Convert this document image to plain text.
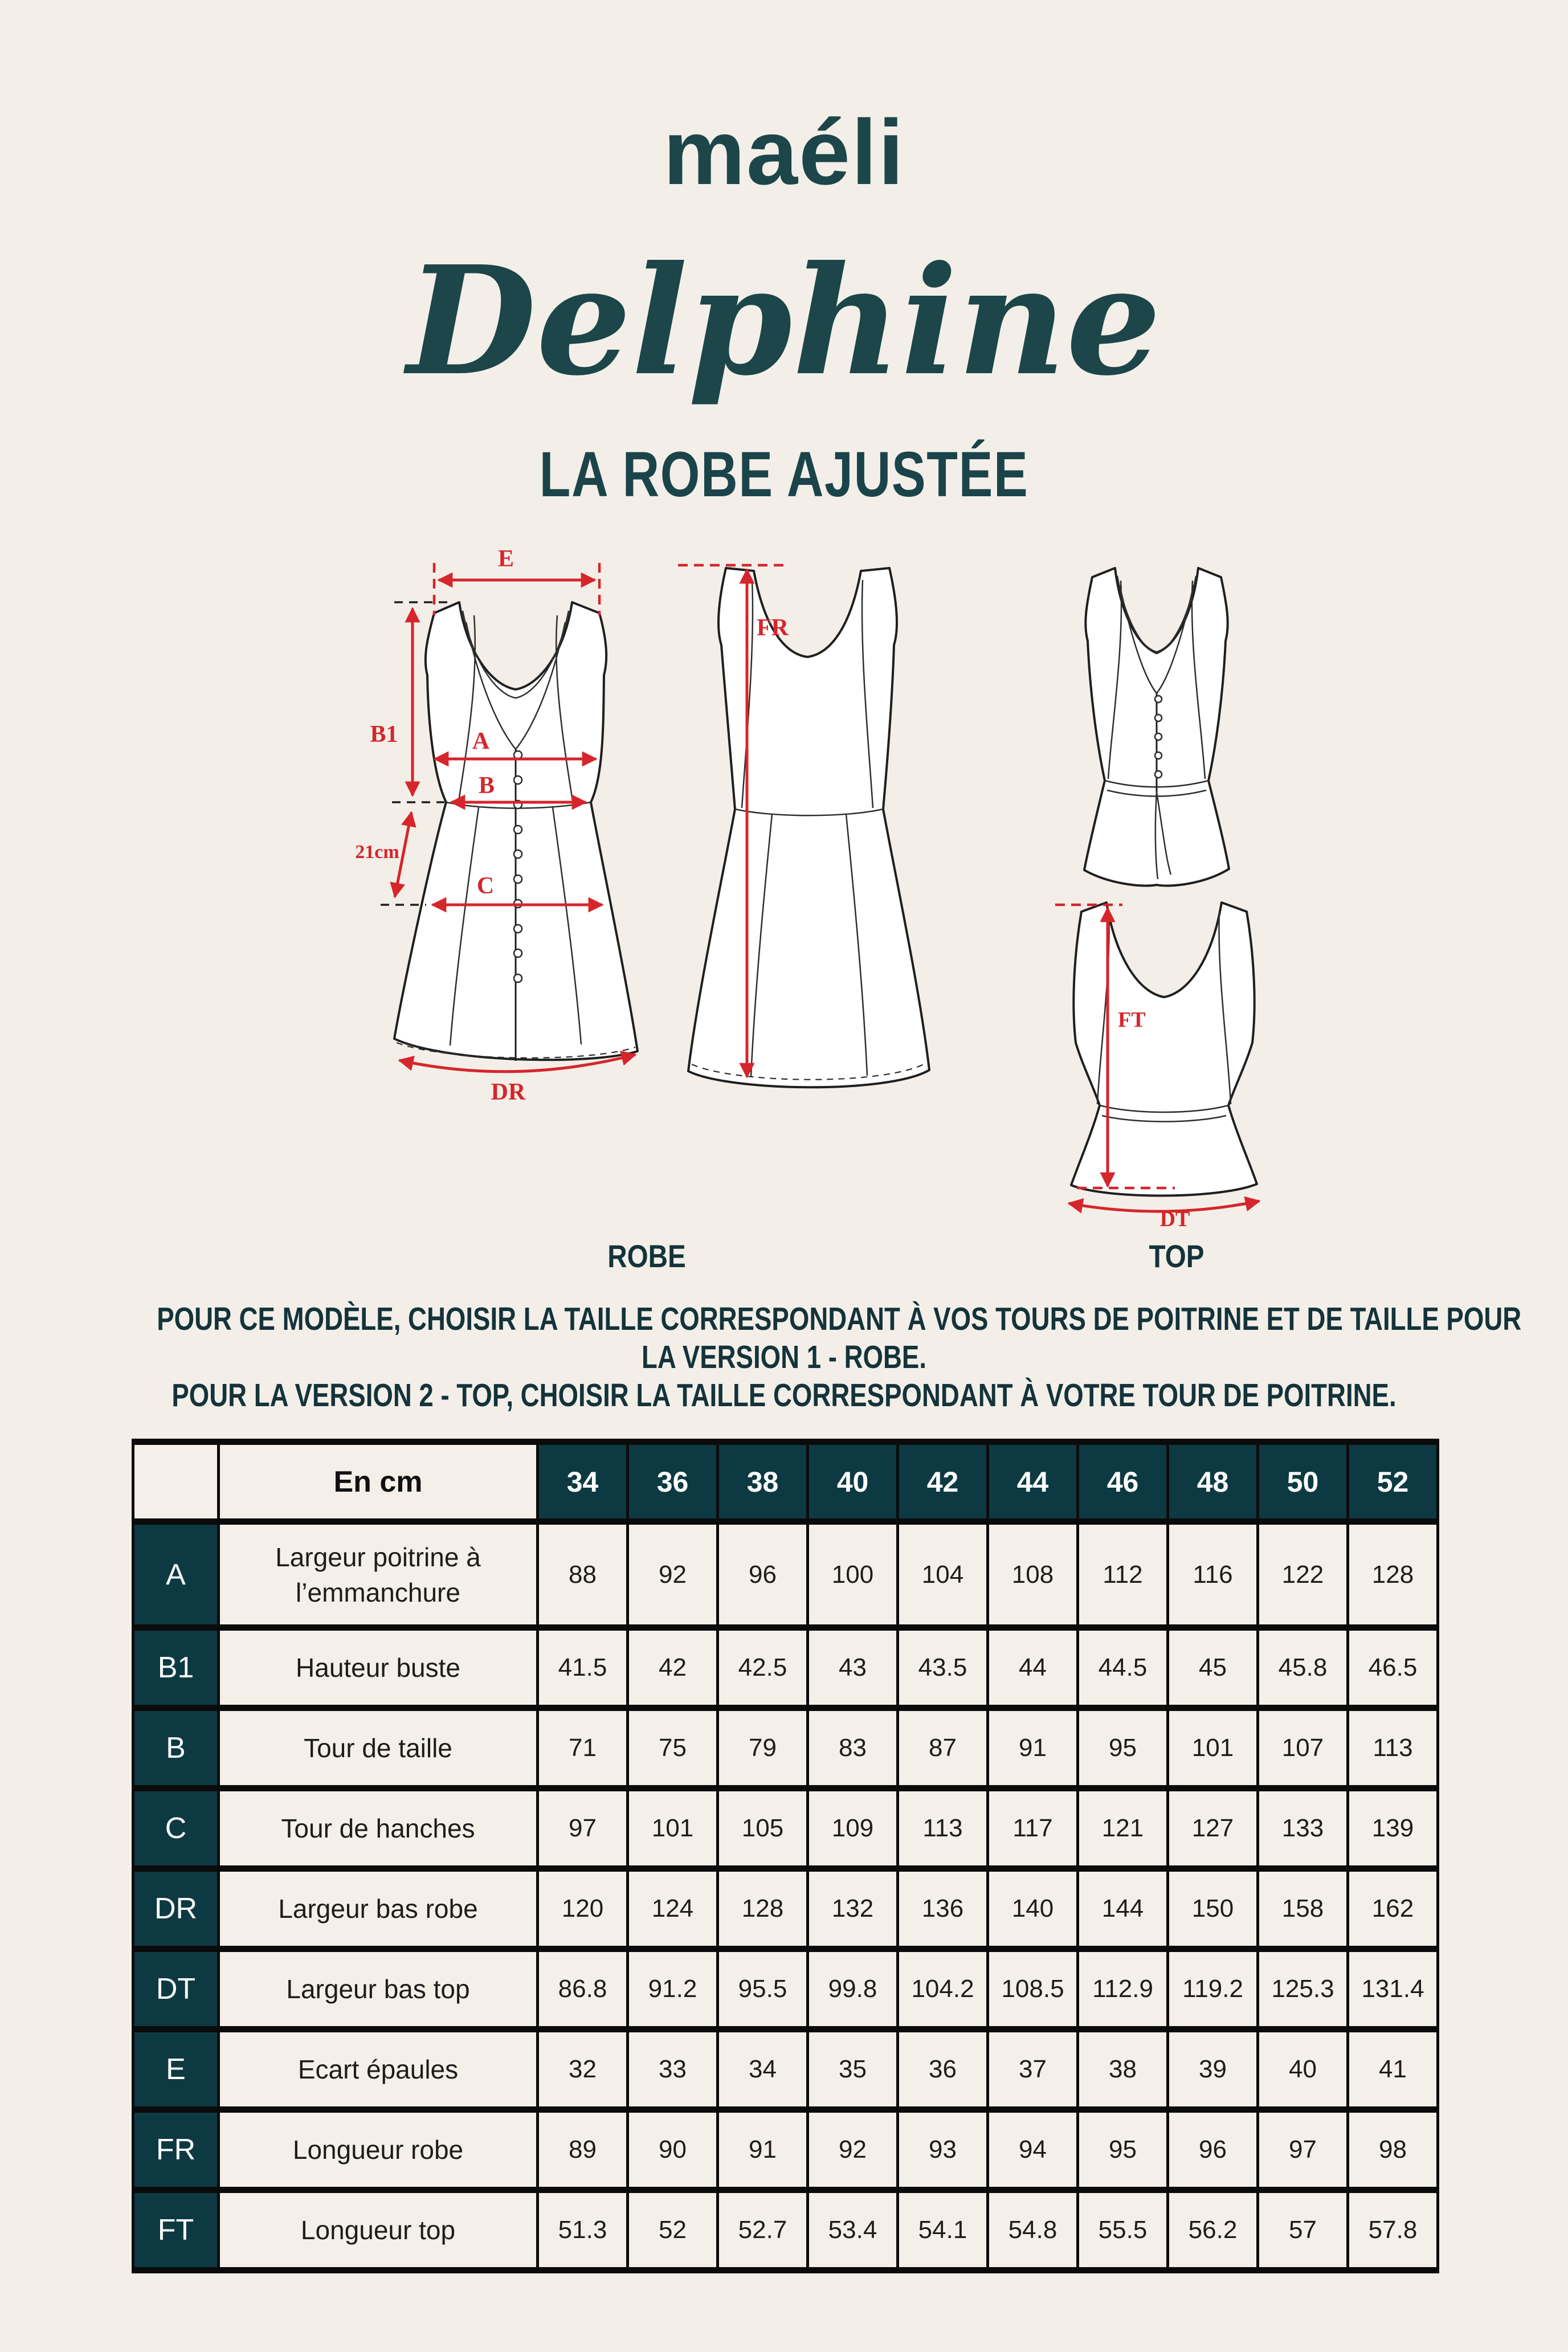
maéli
Delphine
LA ROBE AJUSTÉE
E
B1	A
B
21cm
C
DR
FR
FT
DT
ROBE	TOP
POUR CE MODÈLE, CHOISIR LA TAILLE CORRESPONDANT À VOS TOURS DE POITRINE ET DE TAILLE POUR
LA VERSION 1 - ROBE.
POUR LA VERSION 2 - TOP, CHOISIR LA TAILLE CORRESPONDANT À VOTRE TOUR DE POITRINE.
	En cm	34	36	38	40	42	44	46	48	50	52
A	Largeur poitrine à l’emmanchure	88	92	96	100	104	108	112	116	122	128
B1	Hauteur buste	41.5	42	42.5	43	43.5	44	44.5	45	45.8	46.5
B	Tour de taille	71	75	79	83	87	91	95	101	107	113
C	Tour de hanches	97	101	105	109	113	117	121	127	133	139
DR	Largeur bas robe	120	124	128	132	136	140	144	150	158	162
DT	Largeur bas top	86.8	91.2	95.5	99.8	104.2	108.5	112.9	119.2	125.3	131.4
E	Ecart épaules	32	33	34	35	36	37	38	39	40	41
FR	Longueur robe	89	90	91	92	93	94	95	96	97	98
FT	Longueur top	51.3	52	52.7	53.4	54.1	54.8	55.5	56.2	57	57.8
